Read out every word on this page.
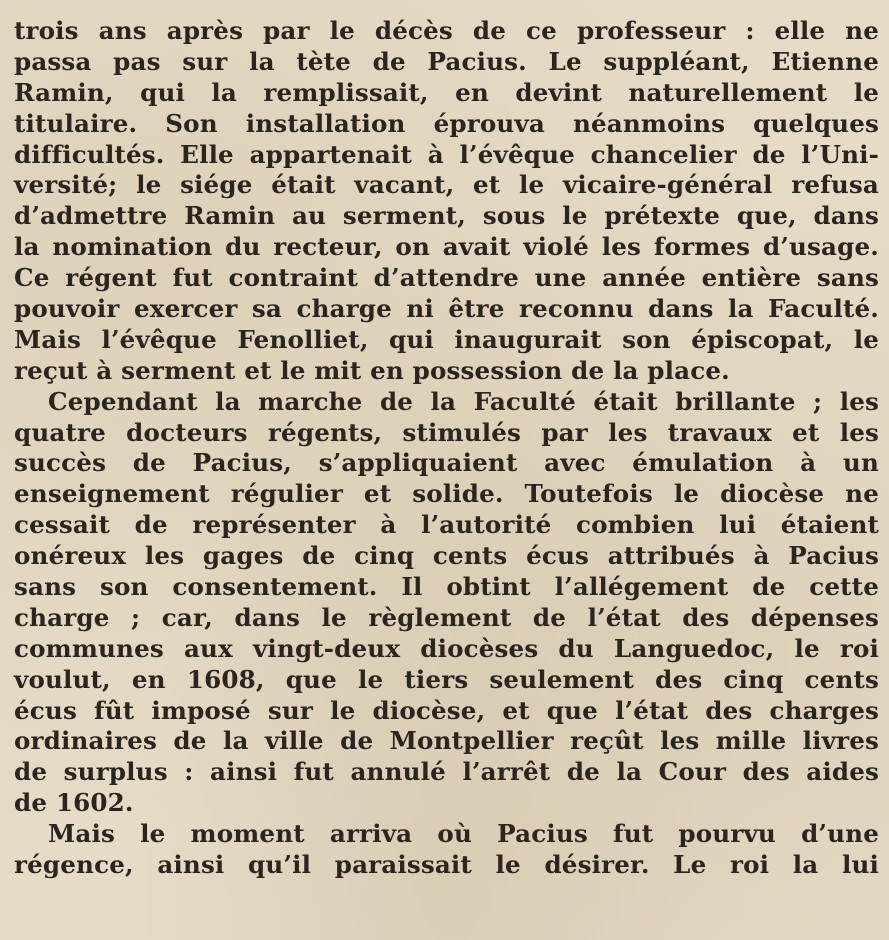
trois ans après par le décès de ce professeur : elle ne
passa pas sur la tète de Pacius. Le suppléant, Etienne
Ramin, qui la remplissait, en devint naturellement le
titulaire. Son installation éprouva néanmoins quelques
difficultés. Elle appartenait à l’évêque chancelier de l’Uni-
versité; le siége était vacant, et le vicaire-général refusa
d’admettre Ramin au serment, sous le prétexte que, dans
la nomination du recteur, on avait violé les formes d’usage.
Ce régent fut contraint d’attendre une année entière sans
pouvoir exercer sa charge ni être reconnu dans la Faculté.
Mais l’évêque Fenolliet, qui inaugurait son épiscopat, le
reçut à serment et le mit en possession de la place.
Cependant la marche de la Faculté était brillante ; les
quatre docteurs régents, stimulés par les travaux et les
succès de Pacius, s’appliquaient avec émulation à un
enseignement régulier et solide. Toutefois le diocèse ne
cessait de représenter à l’autorité combien lui étaient
onéreux les gages de cinq cents écus attribués à Pacius
sans son consentement. Il obtint l’allégement de cette
charge ; car, dans le règlement de l’état des dépenses
communes aux vingt-deux diocèses du Languedoc, le roi
voulut, en 1608, que le tiers seulement des cinq cents
écus fût imposé sur le diocèse, et que l’état des charges
ordinaires de la ville de Montpellier reçût les mille livres
de surplus : ainsi fut annulé l’arrêt de la Cour des aides
de 1602.
Mais le moment arriva où Pacius fut pourvu d’une
régence, ainsi qu’il paraissait le désirer. Le roi la lui
